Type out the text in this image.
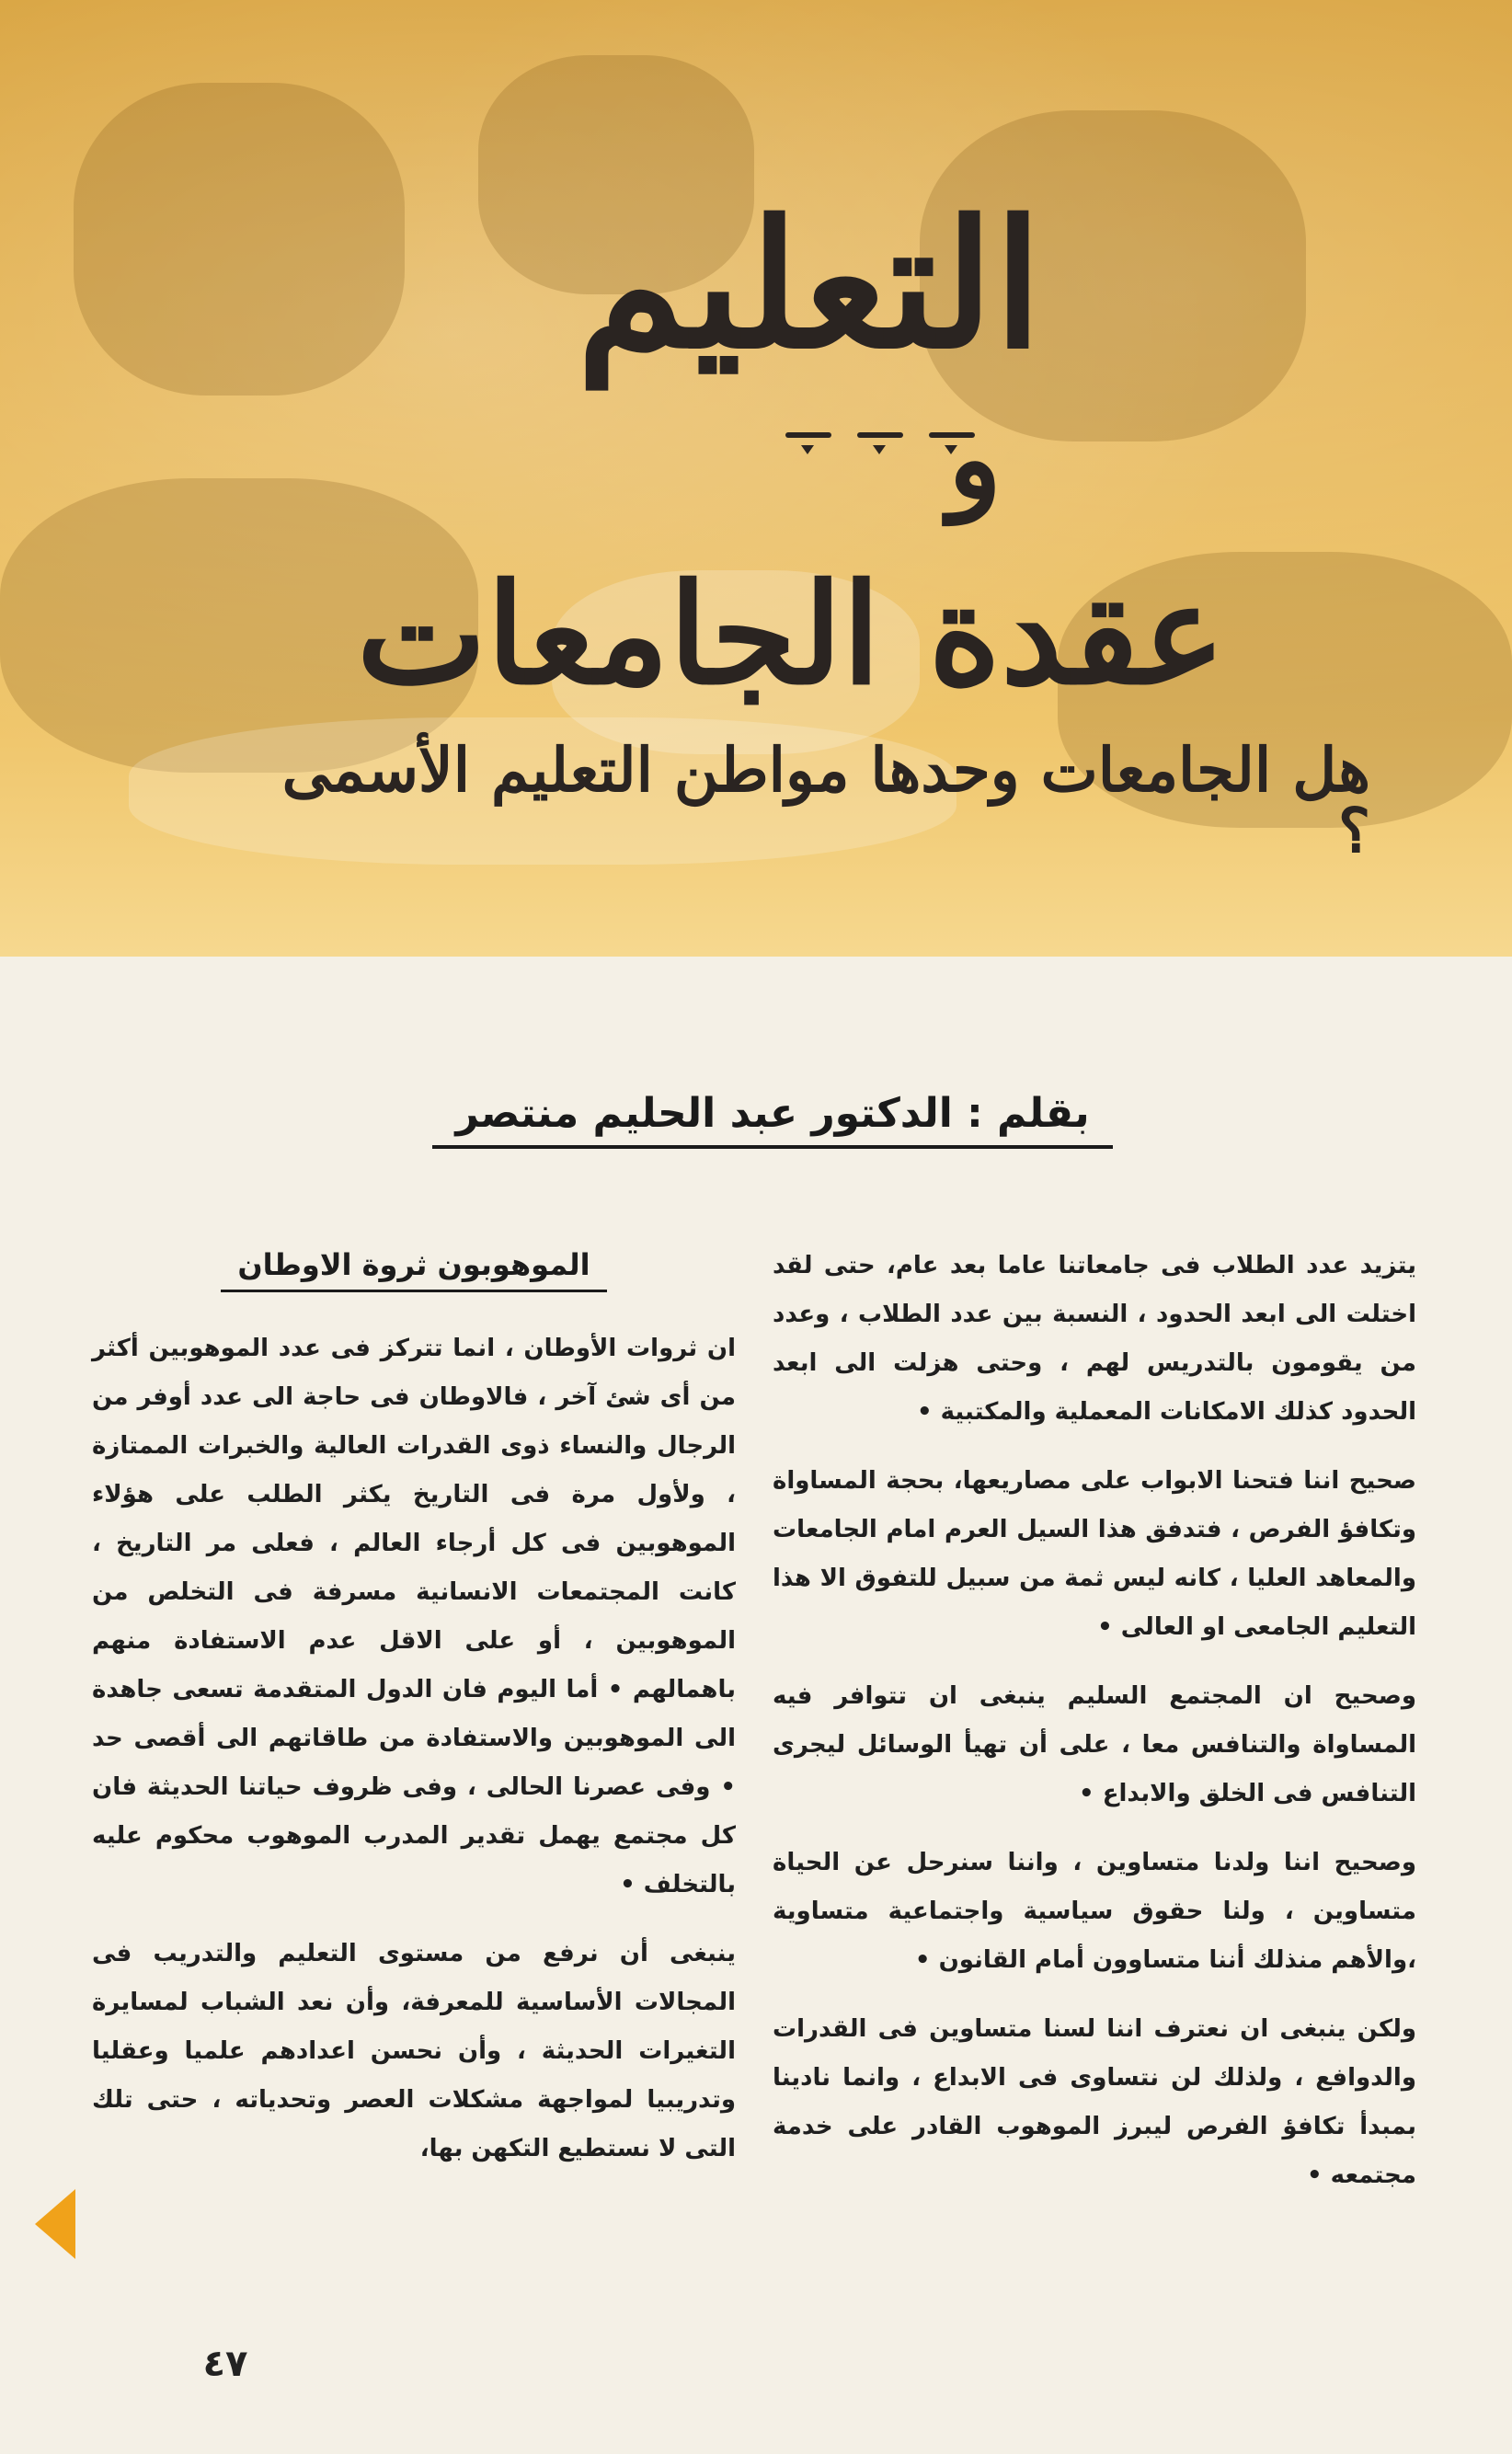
التعليم
و
عقدة الجامعات
هل الجامعات وحدها مواطن التعليم الأسمى ؟
بقلم : الدكتور عبد الحليم منتصر

يتزيد عدد الطلاب فى جامعاتنا عاما بعد عام، حتى لقد اختلت الى ابعد الحدود ، النسبة بين عدد الطلاب ، وعدد من يقومون بالتدريس لهم ، وحتى هزلت الى ابعد الحدود كذلك الامكانات المعملية والمكتبية •

صحيح اننا فتحنا الابواب على مصاريعها، بحجة المساواة وتكافؤ الفرص ، فتدفق هذا السيل العرم امام الجامعات والمعاهد العليا ، كانه ليس ثمة من سبيل للتفوق الا هذا التعليم الجامعى او العالى •

وصحيح ان المجتمع السليم ينبغى ان تتوافر فيه المساواة والتنافس معا ، على أن تهيأ الوسائل ليجرى التنافس فى الخلق والابداع •

وصحيح اننا ولدنا متساوين ، واننا سنرحل عن الحياة متساوين ، ولنا حقوق سياسية واجتماعية متساوية ،والأهم منذلك أننا متساوون أمام القانون •

ولكن ينبغى ان نعترف اننا لسنا متساوين فى القدرات والدوافع ، ولذلك لن نتساوى فى الابداع ، وانما نادينا بمبدأ تكافؤ الفرص ليبرز الموهوب القادر على خدمة مجتمعه •

الموهوبون ثروة الاوطان

ان ثروات الأوطان ، انما تتركز فى عدد الموهوبين أكثر من أى شئ آخر ، فالاوطان فى حاجة الى عدد أوفر من الرجال والنساء ذوى القدرات العالية والخبرات الممتازة ، ولأول مرة فى التاريخ يكثر الطلب على هؤلاء الموهوبين فى كل أرجاء العالم ، فعلى مر التاريخ ، كانت المجتمعات الانسانية مسرفة فى التخلص من الموهوبين ، أو على الاقل عدم الاستفادة منهم باهمالهم • أما اليوم فان الدول المتقدمة تسعى جاهدة الى الموهوبين والاستفادة من طاقاتهم الى أقصى حد • وفى عصرنا الحالى ، وفى ظروف حياتنا الحديثة فان كل مجتمع يهمل تقدير المدرب الموهوب محكوم عليه بالتخلف •

ينبغى أن نرفع من مستوى التعليم والتدريب فى المجالات الأساسية للمعرفة، وأن نعد الشباب لمسايرة التغيرات الحديثة ، وأن نحسن اعدادهم علميا وعقليا وتدريبيا لمواجهة مشكلات العصر وتحدياته ، حتى تلك التى لا نستطيع التكهن بها،

٤٧
